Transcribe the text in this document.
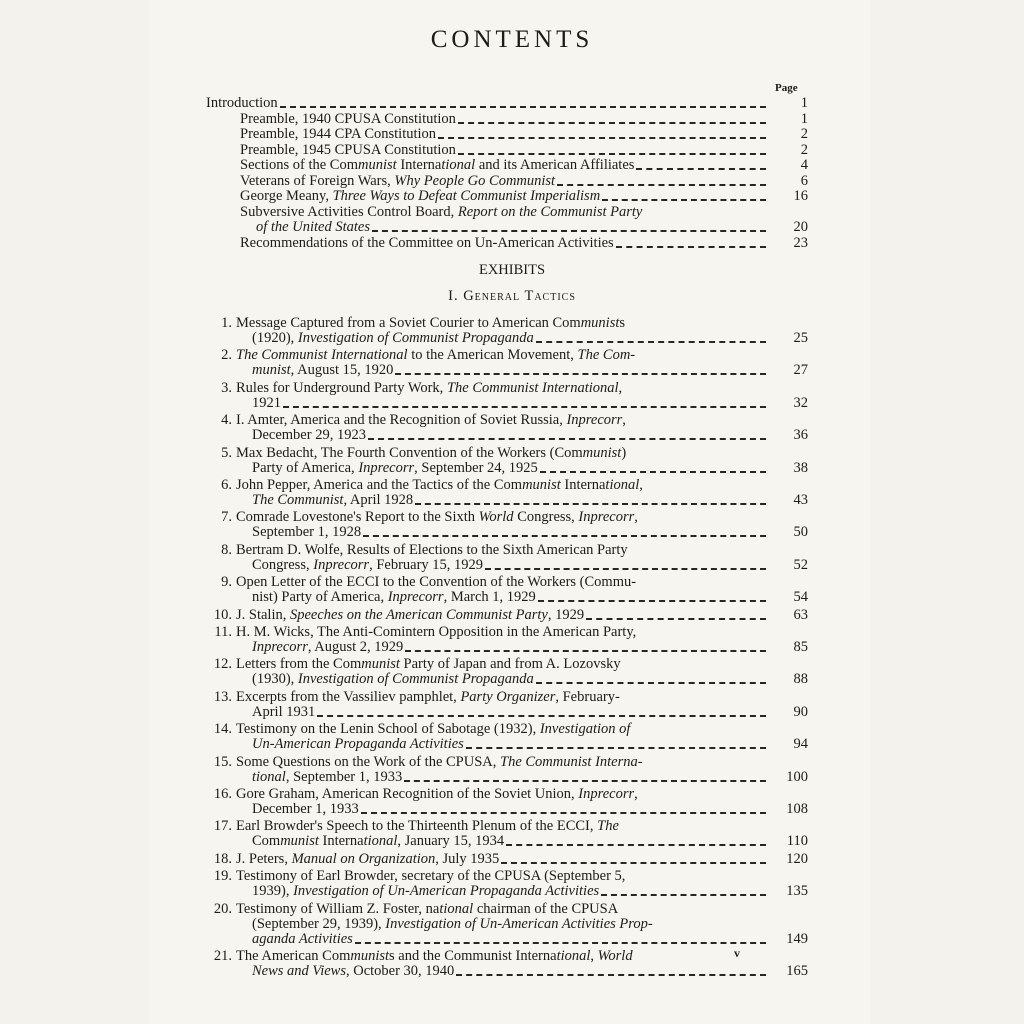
CONTENTS
Page
Introduction	1
Preamble, 1940 CPUSA Constitution	1
Preamble, 1944 CPA Constitution	2
Preamble, 1945 CPUSA Constitution	2
Sections of the Communist International and its American Affiliates	4
Veterans of Foreign Wars, Why People Go Communist	6
George Meany, Three Ways to Defeat Communist Imperialism	16
Subversive Activities Control Board, Report on the Communist Party
of the United States	20
Recommendations of the Committee on Un-American Activities	23
EXHIBITS
I. General Tactics
1. Message Captured from a Soviet Courier to American Communists
(1920), Investigation of Communist Propaganda	25
2. The Communist International to the American Movement, The Com-
munist, August 15, 1920	27
3. Rules for Underground Party Work, The Communist International,
1921	32
4. I. Amter, America and the Recognition of Soviet Russia, Inprecorr,
December 29, 1923	36
5. Max Bedacht, The Fourth Convention of the Workers (Communist)
Party of America, Inprecorr, September 24, 1925	38
6. John Pepper, America and the Tactics of the Communist International,
The Communist, April 1928	43
7. Comrade Lovestone's Report to the Sixth World Congress, Inprecorr,
September 1, 1928	50
8. Bertram D. Wolfe, Results of Elections to the Sixth American Party
Congress, Inprecorr, February 15, 1929	52
9. Open Letter of the ECCI to the Convention of the Workers (Commu-
nist) Party of America, Inprecorr, March 1, 1929	54
10. J. Stalin, Speeches on the American Communist Party, 1929	63
11. H. M. Wicks, The Anti-Comintern Opposition in the American Party,
Inprecorr, August 2, 1929	85
12. Letters from the Communist Party of Japan and from A. Lozovsky
(1930), Investigation of Communist Propaganda	88
13. Excerpts from the Vassiliev pamphlet, Party Organizer, February-
April 1931	90
14. Testimony on the Lenin School of Sabotage (1932), Investigation of
Un-American Propaganda Activities	94
15. Some Questions on the Work of the CPUSA, The Communist Interna-
tional, September 1, 1933	100
16. Gore Graham, American Recognition of the Soviet Union, Inprecorr,
December 1, 1933	108
17. Earl Browder's Speech to the Thirteenth Plenum of the ECCI, The
Communist International, January 15, 1934	110
18. J. Peters, Manual on Organization, July 1935	120
19. Testimony of Earl Browder, secretary of the CPUSA (September 5,
1939), Investigation of Un-American Propaganda Activities	135
20. Testimony of William Z. Foster, national chairman of the CPUSA
(September 29, 1939), Investigation of Un-American Activities Prop-
aganda Activities	149
21. The American Communists and the Communist International, World
News and Views, October 30, 1940	165
v
